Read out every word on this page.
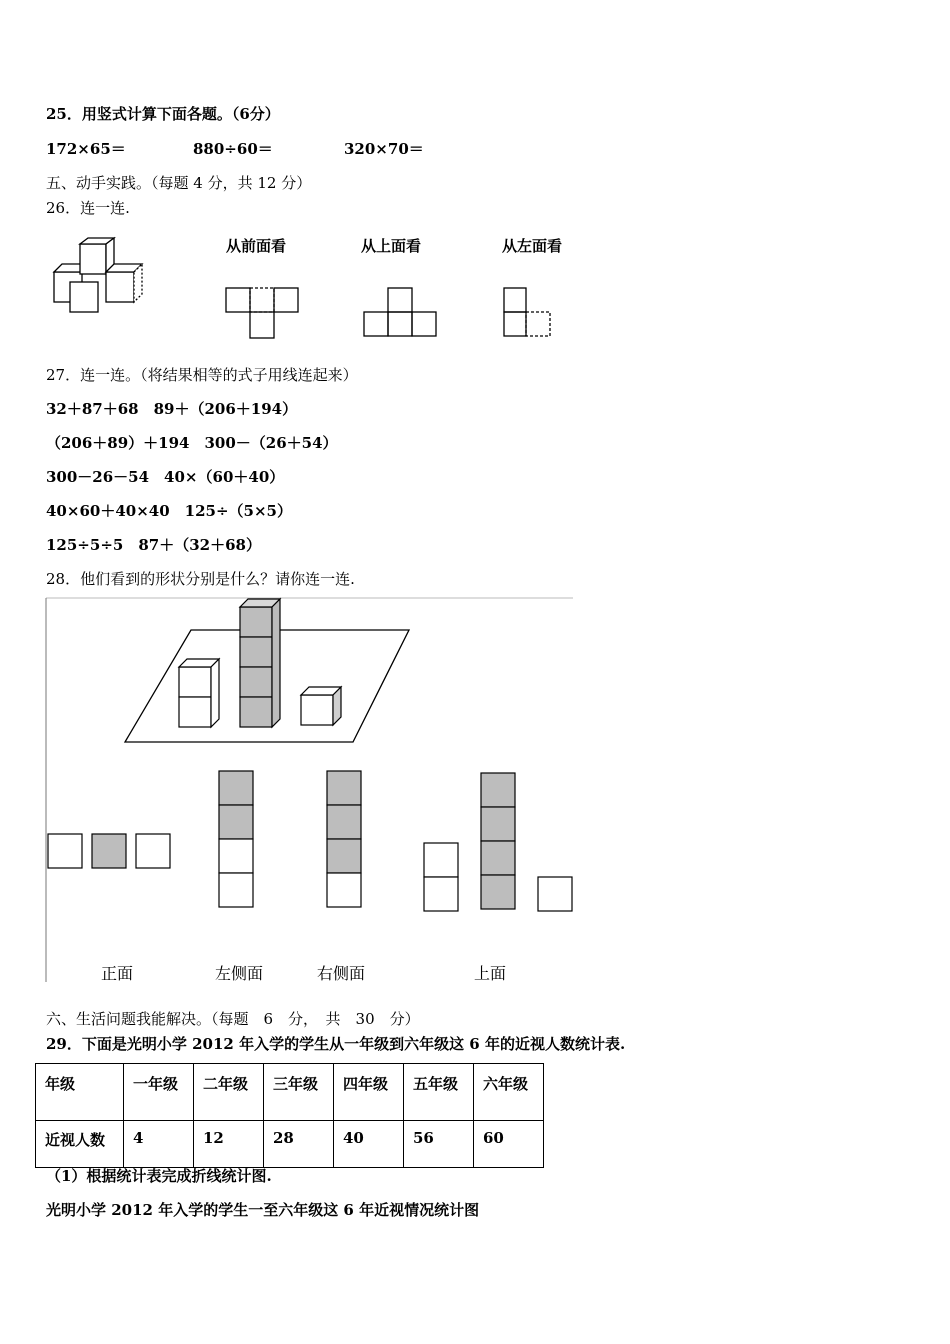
25．用竖式计算下面各题。（6分）
172×65＝	880÷60＝	320×70＝
五、动手实践。（每题 4 分，共 12 分）
26．连一连.
从前面看	从上面看	从左面看
27．连一连。（将结果相等的式子用线连起来）
32＋87＋68　89＋（206＋194）
（206＋89）＋194　300－（26＋54）
300－26－54　40×（60＋40）
40×60＋40×40　125÷（5×5）
125÷5÷5　87＋（32＋68）
28．他们看到的形状分别是什么？请你连一连.
正面	左侧面	右侧面	上面
六、生活问题我能解决。（每题　6　分，　共　30　分）
29．下面是光明小学 2012 年入学的学生从一年级到六年级这 6 年的近视人数统计表.
年级	一年级	二年级	三年级	四年级	五年级	六年级
近视人数	4	12	28	40	56	60
（1）根据统计表完成折线统计图.
光明小学 2012 年入学的学生一至六年级这 6 年近视情况统计图
